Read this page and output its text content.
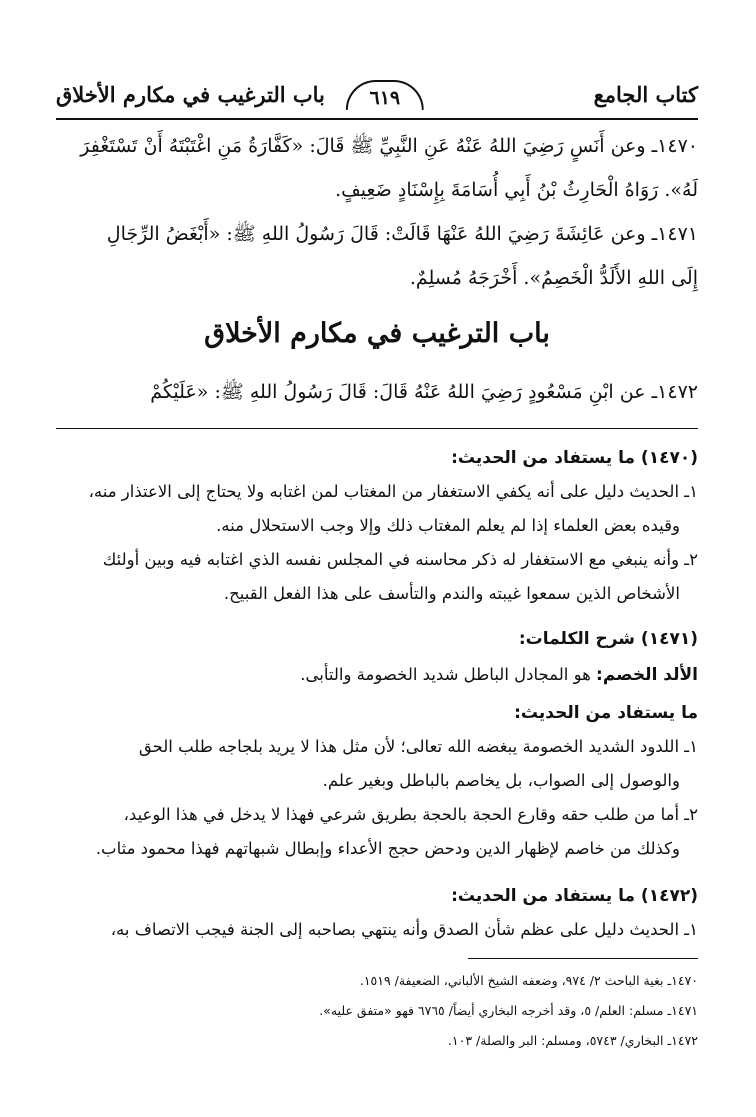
كتاب الجامع
٦١٩
باب الترغيب في مكارم الأخلاق
١٤٧٠ـ وعن أَنَسٍ رَضِيَ اللهُ عَنْهُ عَنِ النَّبِيِّ ﷺ قَالَ: «كَفَّارَةُ مَنِ اغْتَبْتَهُ أَنْ تَسْتَغْفِرَ
لَهُ». رَوَاهُ الْحَارِثُ بْنُ أَبِي أُسَامَةَ بِإِسْنَادٍ ضَعِيفٍ.
١٤٧١ـ وعن عَائِشَةَ رَضِيَ اللهُ عَنْهَا قَالَتْ: قَالَ رَسُولُ اللهِ ﷺ: «أَبْغَضُ الرِّجَالِ
إِلَى اللهِ الأَلَدُّ الْخَصِمُ». أَخْرَجَهُ مُسلِمٌ.
باب الترغيب في مكارم الأخلاق
١٤٧٢ـ عن ابْنِ مَسْعُودٍ رَضِيَ اللهُ عَنْهُ قَالَ: قَالَ رَسُولُ اللهِ ﷺ: «عَلَيْكُمْ
(١٤٧٠) ما يستفاد من الحديث:
١ـ الحديث دليل على أنه يكفي الاستغفار من المغتاب لمن اغتابه ولا يحتاج إلى الاعتذار منه،
وقيده بعض العلماء إذا لم يعلم المغتاب ذلك وإلا وجب الاستحلال منه.
٢ـ وأنه ينبغي مع الاستغفار له ذكر محاسنه في المجلس نفسه الذي اغتابه فيه وبين أولئك
الأشخاص الذين سمعوا غيبته والندم والتأسف على هذا الفعل القبيح.
(١٤٧١) شرح الكلمات:
الألد الخصم: هو المجادل الباطل شديد الخصومة والتأبى.
ما يستفاد من الحديث:
١ـ اللدود الشديد الخصومة يبغضه الله تعالى؛ لأن مثل هذا لا يريد بلجاجه طلب الحق
والوصول إلى الصواب، بل يخاصم بالباطل وبغير علم.
٢ـ أما من طلب حقه وقارع الحجة بالحجة بطريق شرعي فهذا لا يدخل في هذا الوعيد،
وكذلك من خاصم لإظهار الدين ودحض حجج الأعداء وإبطال شبهاتهم فهذا محمود مثاب.
(١٤٧٢) ما يستفاد من الحديث:
١ـ الحديث دليل على عظم شأن الصدق وأنه ينتهي بصاحبه إلى الجنة فيجب الاتصاف به،
١٤٧٠ـ بغية الباحث ٢/ ٩٧٤، وضعفه الشيخ الألباني، الضعيفة/ ١٥١٩.
١٤٧١ـ مسلم: العلم/ ٥، وقد أخرجه البخاري أيضاً/ ٦٧٦٥ فهو «متفق عليه».
١٤٧٢ـ البخاري/ ٥٧٤٣، ومسلم: البر والصلة/ ١٠٣.
